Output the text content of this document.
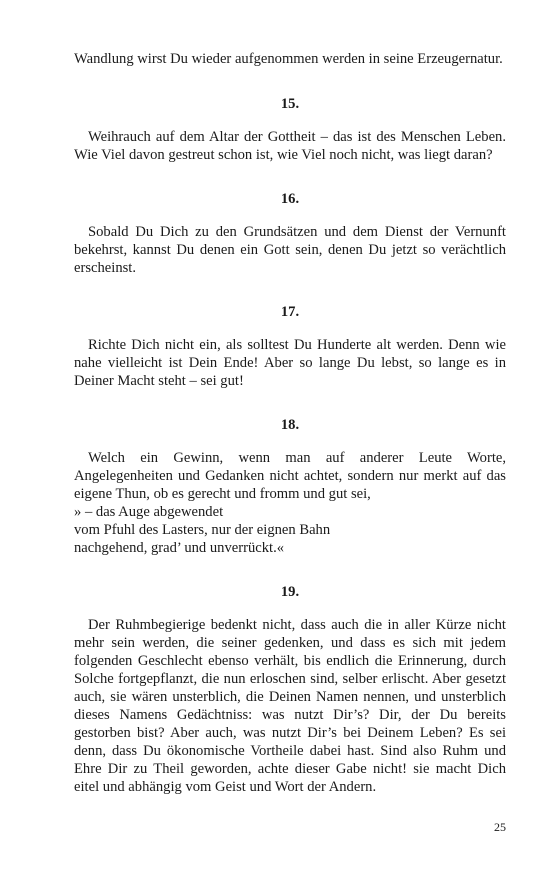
Wandlung wirst Du wieder aufgenommen werden in seine Erzeugernatur.

15.

Weihrauch auf dem Altar der Gottheit – das ist des Menschen Leben. Wie Viel davon gestreut schon ist, wie Viel noch nicht, was liegt daran?

16.

Sobald Du Dich zu den Grundsätzen und dem Dienst der Vernunft bekehrst, kannst Du denen ein Gott sein, denen Du jetzt so verächtlich erscheinst.

17.

Richte Dich nicht ein, als solltest Du Hunderte alt werden. Denn wie nahe vielleicht ist Dein Ende! Aber so lange Du lebst, so lange es in Deiner Macht steht – sei gut!

18.

Welch ein Gewinn, wenn man auf anderer Leute Worte, Angelegenheiten und Gedanken nicht achtet, sondern nur merkt auf das eigene Thun, ob es gerecht und fromm und gut sei,

» – das Auge abgewendet
vom Pfuhl des Lasters, nur der eignen Bahn
nachgehend, grad’ und unverrückt.«
19.

Der Ruhmbegierige bedenkt nicht, dass auch die in aller Kürze nicht mehr sein werden, die seiner gedenken, und dass es sich mit jedem folgenden Geschlecht ebenso verhält, bis endlich die Erinnerung, durch Solche fortgepflanzt, die nun erloschen sind, selber erlischt. Aber gesetzt auch, sie wären unsterblich, die Deinen Namen nennen, und unsterblich dieses Namens Gedächtniss: was nutzt Dir’s? Dir, der Du bereits gestorben bist? Aber auch, was nutzt Dir’s bei Deinem Leben? Es sei denn, dass Du ökonomische Vortheile dabei hast. Sind also Ruhm und Ehre Dir zu Theil geworden, achte dieser Gabe nicht! sie macht Dich eitel und abhängig vom Geist und Wort der Andern.

25
